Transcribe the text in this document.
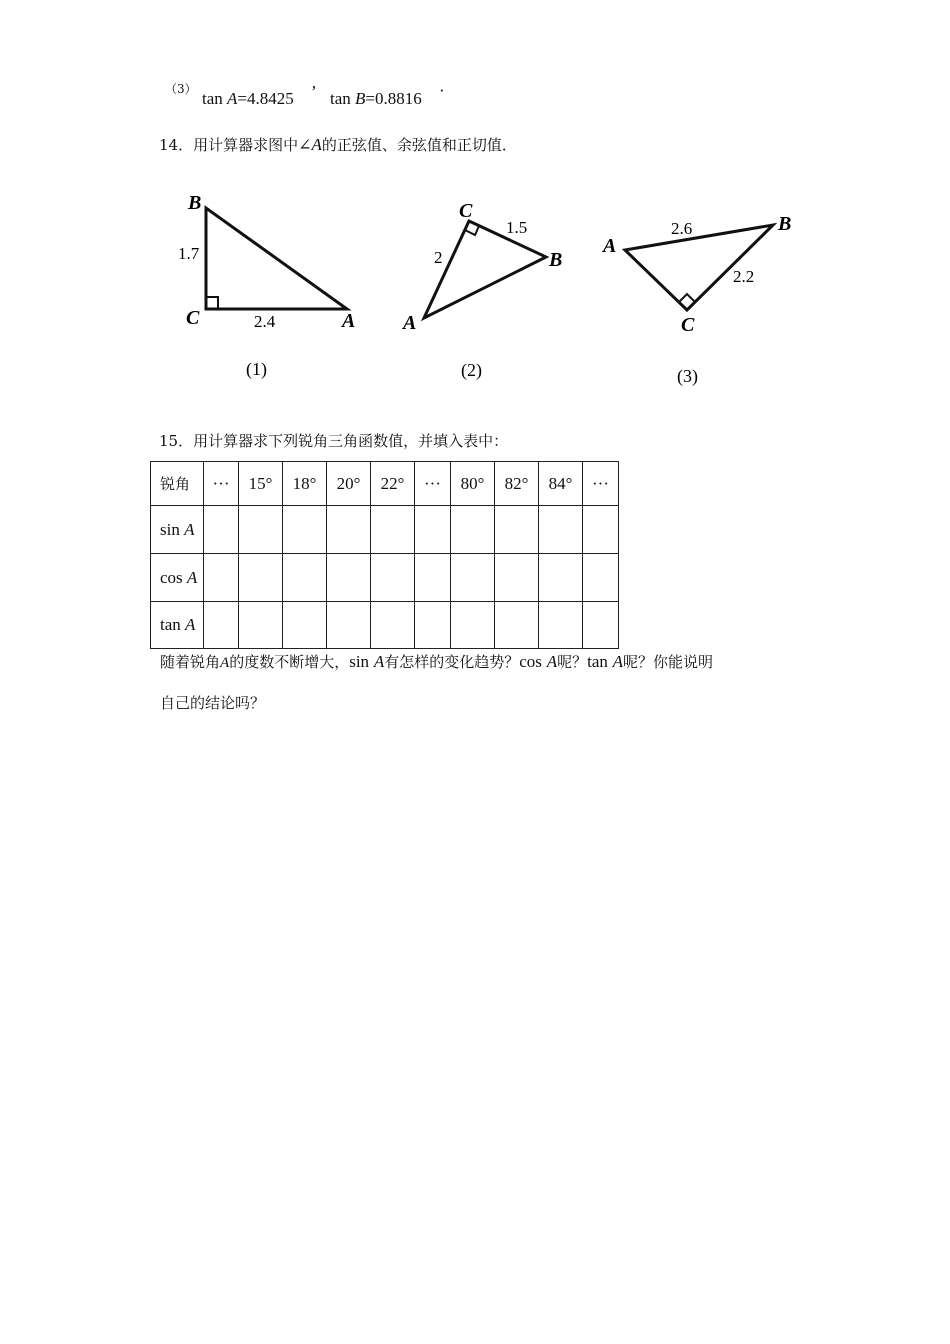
（3） tan A=4.8425 ’ tan B=0.8816 ·
14．用计算器求图中∠A的正弦值、余弦值和正切值．
B
C	A
1.7
2.4
(1)
C
B
A
2
1.5
(2)
A
B
C
2.6
2.2
(3)
15．用计算器求下列锐角三角函数值，并填入表中：
锐角	···	15°	18°	20°	22°	···	80°	82°	84°	···
sin A										
cos A										
tan A										
随着锐角A的度数不断增大，sin A有怎样的变化趋势？cos A呢？tan A呢？你能说明
自己的结论吗？
